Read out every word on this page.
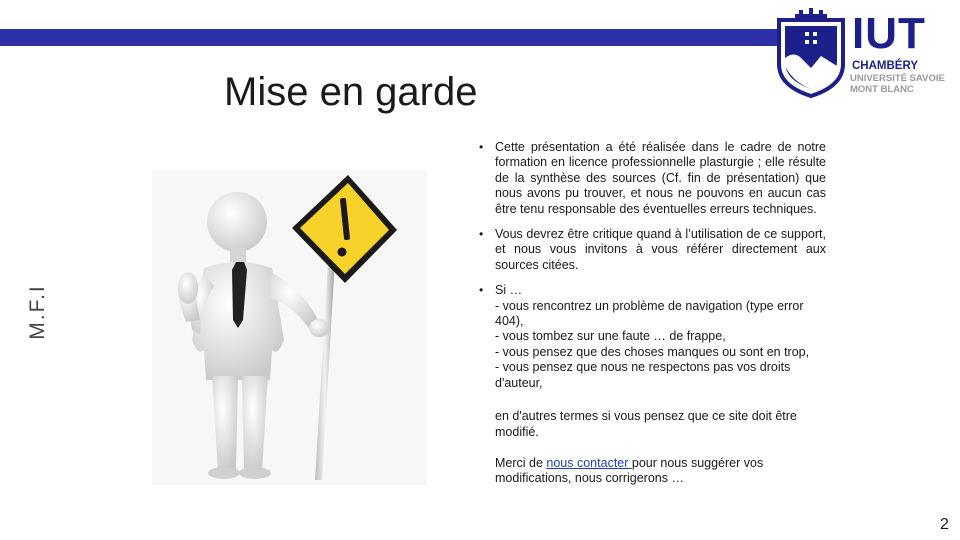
IUT
CHAMBÉRY
UNIVERSITÉ SAVOIE
MONT BLANC
Mise en garde
M.F.I
• Cette présentation a été réalisée dans le cadre de notre formation en licence professionnelle plasturgie ; elle résulte de la synthèse des sources (Cf. fin de présentation) que nous avons pu trouver, et nous ne pouvons en aucun cas être tenu responsable des éventuelles erreurs techniques.
• Vous devrez être critique quand à l’utilisation de ce support, et nous vous invitons à vous référer directement aux sources citées.
• Si …
- vous rencontrez un problème de navigation (type error 404),
- vous tombez sur une faute … de frappe,
- vous pensez que des choses manques ou sont en trop,
- vous pensez que nous ne respectons pas vos droits d'auteur,
en d'autres termes si vous pensez que ce site doit être modifié.
Merci de nous contacter pour nous suggérer vos modifications, nous corrigerons …
2
